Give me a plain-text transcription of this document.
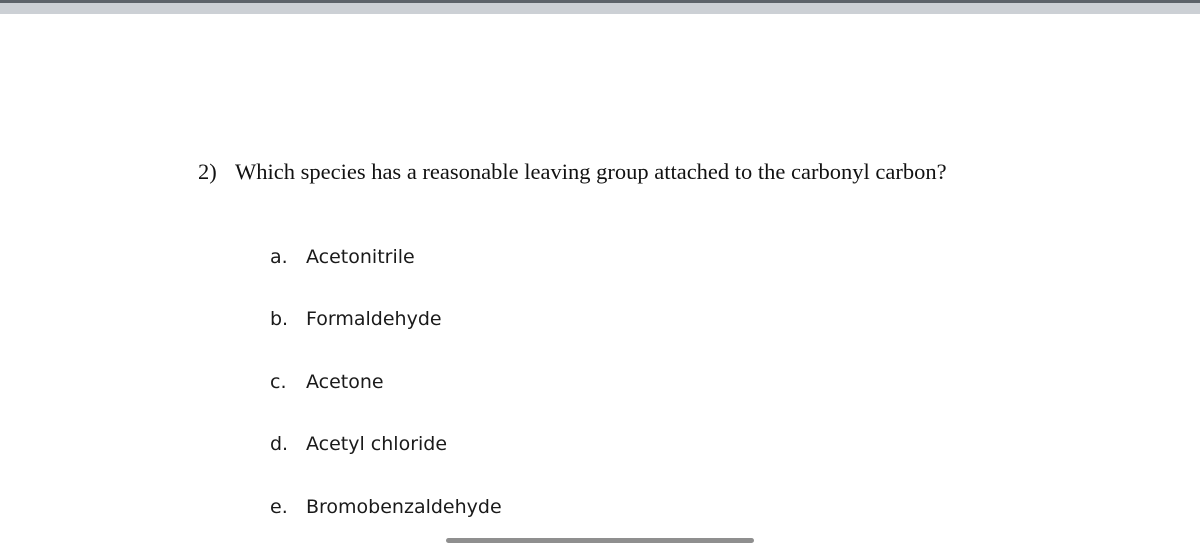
2) Which species has a reasonable leaving group attached to the carbonyl carbon?
a. Acetonitrile
b. Formaldehyde
c. Acetone
d. Acetyl chloride
e. Bromobenzaldehyde
